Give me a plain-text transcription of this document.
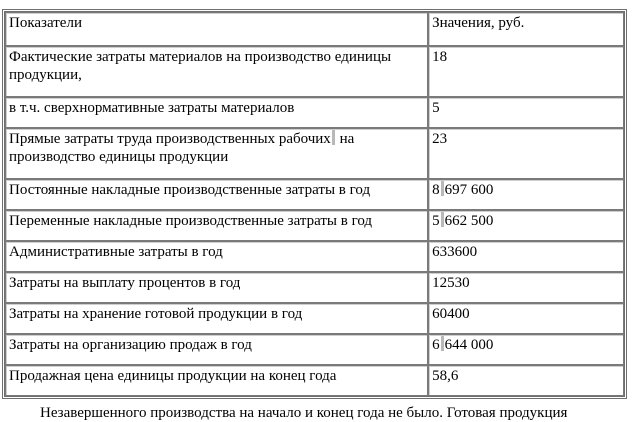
Показатели	Значения, руб.
Фактические затраты материалов на производство единицы продукции,	18
в т.ч. сверхнормативные затраты материалов	5
Прямые затраты труда производственных рабочих на производство единицы продукции	23
Постоянные накладные производственные затраты в год	8 697 600
Переменные накладные производственные затраты в год	5 662 500
Административные затраты в год	633600
Затраты на выплату процентов в год	12530
Затраты на хранение готовой продукции в год	60400
Затраты на организацию продаж в год	6 644 000
Продажная цена единицы продукции на конец года	58,6
Незавершенного производства на начало и конец года не было. Готовая продукция
